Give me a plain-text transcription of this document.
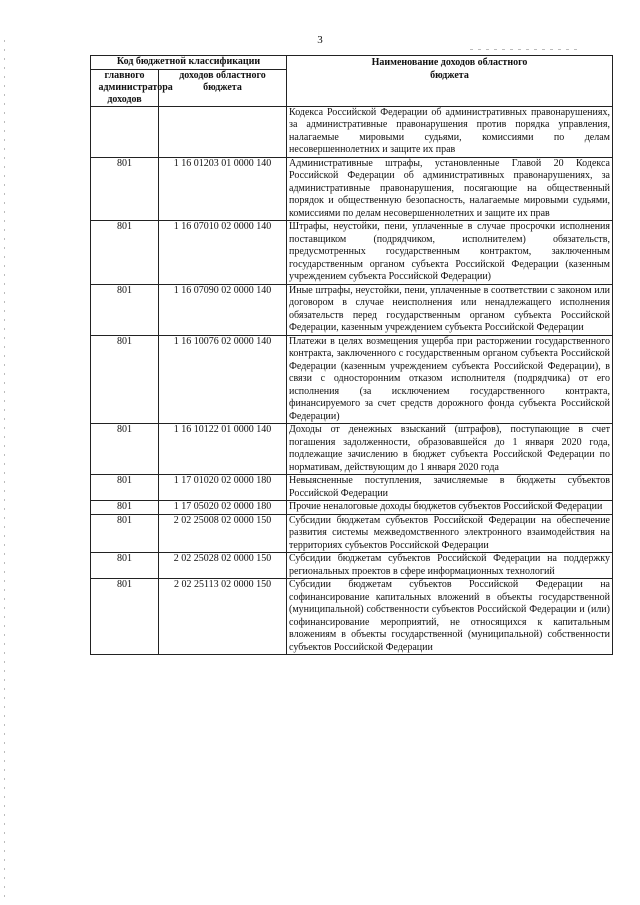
3
Код бюджетной классификации		Наименование доходов областного бюджета

главного администратора доходов	доходов областного бюджета	

		Кодекса Российской Федерации об административных правонарушениях, за административные правонарушения против порядка управления, налагаемые мировыми судьями, комиссиями по делам несовершеннолетних и защите их прав
801	1 16 01203 01 0000 140	Административные штрафы, установленные Главой 20 Кодекса Российской Федерации об административных правонарушениях, за административные правонарушения, посягающие на общественный порядок и общественную безопасность, налагаемые мировыми судьями, комиссиями по делам несовершеннолетних и защите их прав
801	1 16 07010 02 0000 140	Штрафы, неустойки, пени, уплаченные в случае просрочки исполнения поставщиком (подрядчиком, исполнителем) обязательств, предусмотренных государственным контрактом, заключенным государственным органом субъекта Российской Федерации (казенным учреждением субъекта Российской Федерации)
801	1 16 07090 02 0000 140	Иные штрафы, неустойки, пени, уплаченные в соответствии с законом или договором в случае неисполнения или ненадлежащего исполнения обязательств перед государственным органом субъекта Российской Федерации, казенным учреждением субъекта Российской Федерации
801	1 16 10076 02 0000 140	Платежи в целях возмещения ущерба при расторжении государственного контракта, заключенного с государственным органом субъекта Российской Федерации (казенным учреждением субъекта Российской Федерации), в связи с односторонним отказом исполнителя (подрядчика) от его исполнения (за исключением государственного контракта, финансируемого за счет средств дорожного фонда субъекта Российской Федерации)
801	1 16 10122 01 0000 140	Доходы от денежных взысканий (штрафов), поступающие в счет погашения задолженности, образовавшейся до 1 января 2020 года, подлежащие зачислению в бюджет субъекта Российской Федерации по нормативам, действующим до 1 января 2020 года
801	1 17 01020 02 0000 180	Невыясненные поступления, зачисляемые в бюджеты субъектов Российской Федерации
801	1 17 05020 02 0000 180	Прочие неналоговые доходы бюджетов субъектов Российской Федерации
801	2 02 25008 02 0000 150	Субсидии бюджетам субъектов Российской Федерации на обеспечение развития системы межведомственного электронного взаимодействия на территориях субъектов Российской Федерации
801	2 02 25028 02 0000 150	Субсидии бюджетам субъектов Российской Федерации на поддержку региональных проектов в сфере информационных технологий
801	2 02 25113 02 0000 150	Субсидии бюджетам субъектов Российской Федерации на софинансирование капитальных вложений в объекты государственной (муниципальной) собственности субъектов Российской Федерации и (или) софинансирование мероприятий, не относящихся к капитальным вложениям в объекты государственной (муниципальной) собственности субъектов Российской Федерации
